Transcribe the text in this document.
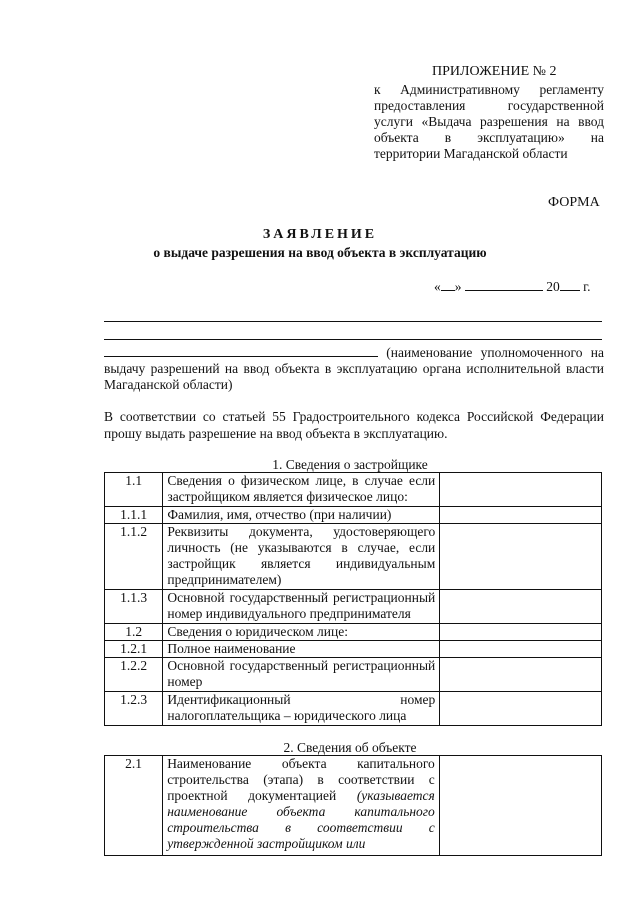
ПРИЛОЖЕНИЕ № 2
к Административному регламенту предоставления государственной услуги «Выдача разрешения на ввод объекта в эксплуатацию» на территории Магаданской области
ФОРМА
ЗАЯВЛЕНИЕ
о выдаче разрешения на ввод объекта в эксплуатацию
« »	20 г.
(наименование уполномоченного на выдачу разрешений на ввод объекта в эксплуатацию органа исполнительной власти Магаданской области)
В соответствии со статьей 55 Градостроительного кодекса Российской Федерации прошу выдать разрешение на ввод объекта в эксплуатацию.
1. Сведения о застройщике
1.1	Сведения о физическом лице, в случае если застройщиком является физическое лицо:	
1.1.1	Фамилия, имя, отчество (при наличии)	
1.1.2	Реквизиты документа, удостоверяющего личность (не указываются в случае, если застройщик является индивидуальным предпринимателем)	
1.1.3	Основной государственный регистрационный номер индивидуального предпринимателя	
1.2	Сведения о юридическом лице:	
1.2.1	Полное наименование	
1.2.2	Основной государственный регистрационный номер	
1.2.3	Идентификационный номер налогоплательщика – юридического лица	
2. Сведения об объекте
2.1	Наименование объекта капитального строительства (этапа) в соответствии с проектной документацией (указывается наименование объекта капитального строительства в соответствии с утвержденной застройщиком или	
